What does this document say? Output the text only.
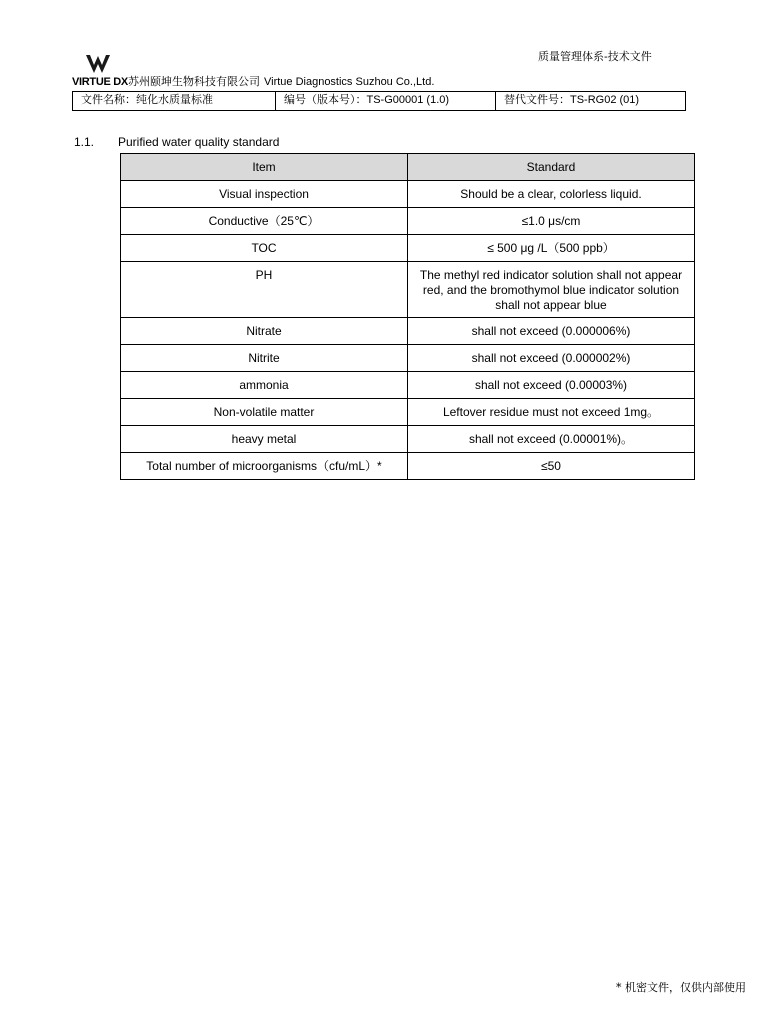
质量管理体系-技术文件
VIRTUE DX苏州颐坤生物科技有限公司 Virtue Diagnostics Suzhou Co.,Ltd.
文件名称：纯化水质量标准	编号（版本号）：TS-G00001 (1.0)	替代文件号：TS-RG02 (01)
1.1. Purified water quality standard
Item	Standard
Visual inspection	Should be a clear, colorless liquid.
Conductive（25℃）	≤1.0 μs/cm
TOC	≤ 500 μg /L（500 ppb）
PH	The methyl red indicator solution shall not appear red, and the bromothymol blue indicator solution shall not appear blue
Nitrate	shall not exceed (0.000006%)
Nitrite	shall not exceed (0.000002%)
ammonia	shall not exceed (0.00003%)
Non-volatile matter	Leftover residue must not exceed 1mg。
heavy metal	shall not exceed (0.00001%)。
Total number of microorganisms（cfu/mL）*	≤50
* 机密文件，仅供内部使用
